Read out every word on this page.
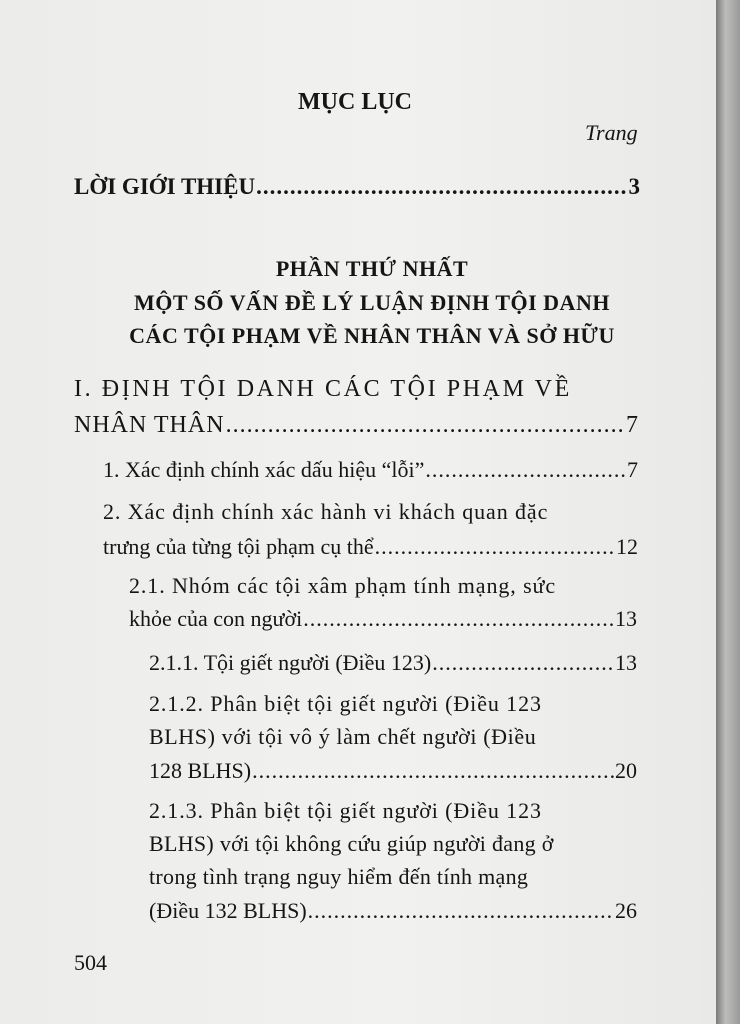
MỤC LỤC
Trang
LỜI GIỚI THIỆU .....	3
PHẦN THỨ NHẤT
MỘT SỐ VẤN ĐỀ LÝ LUẬN ĐỊNH TỘI DANH
CÁC TỘI PHẠM VỀ NHÂN THÂN VÀ SỞ HỮU
I. ĐỊNH TỘI DANH CÁC TỘI PHẠM VỀ
NHÂN THÂN .....	7
1. Xác định chính xác dấu hiệu “lỗi” .....	7
2. Xác định chính xác hành vi khách quan đặc
trưng của từng tội phạm cụ thể .....	12
2.1. Nhóm các tội xâm phạm tính mạng, sức
khỏe của con người .....	13
2.1.1. Tội giết người (Điều 123) .....	13
2.1.2. Phân biệt tội giết người (Điều 123
BLHS) với tội vô ý làm chết người (Điều
128 BLHS) .....	20
2.1.3. Phân biệt tội giết người (Điều 123
BLHS) với tội không cứu giúp người đang ở
trong tình trạng nguy hiểm đến tính mạng
(Điều 132 BLHS) .....	26
504
